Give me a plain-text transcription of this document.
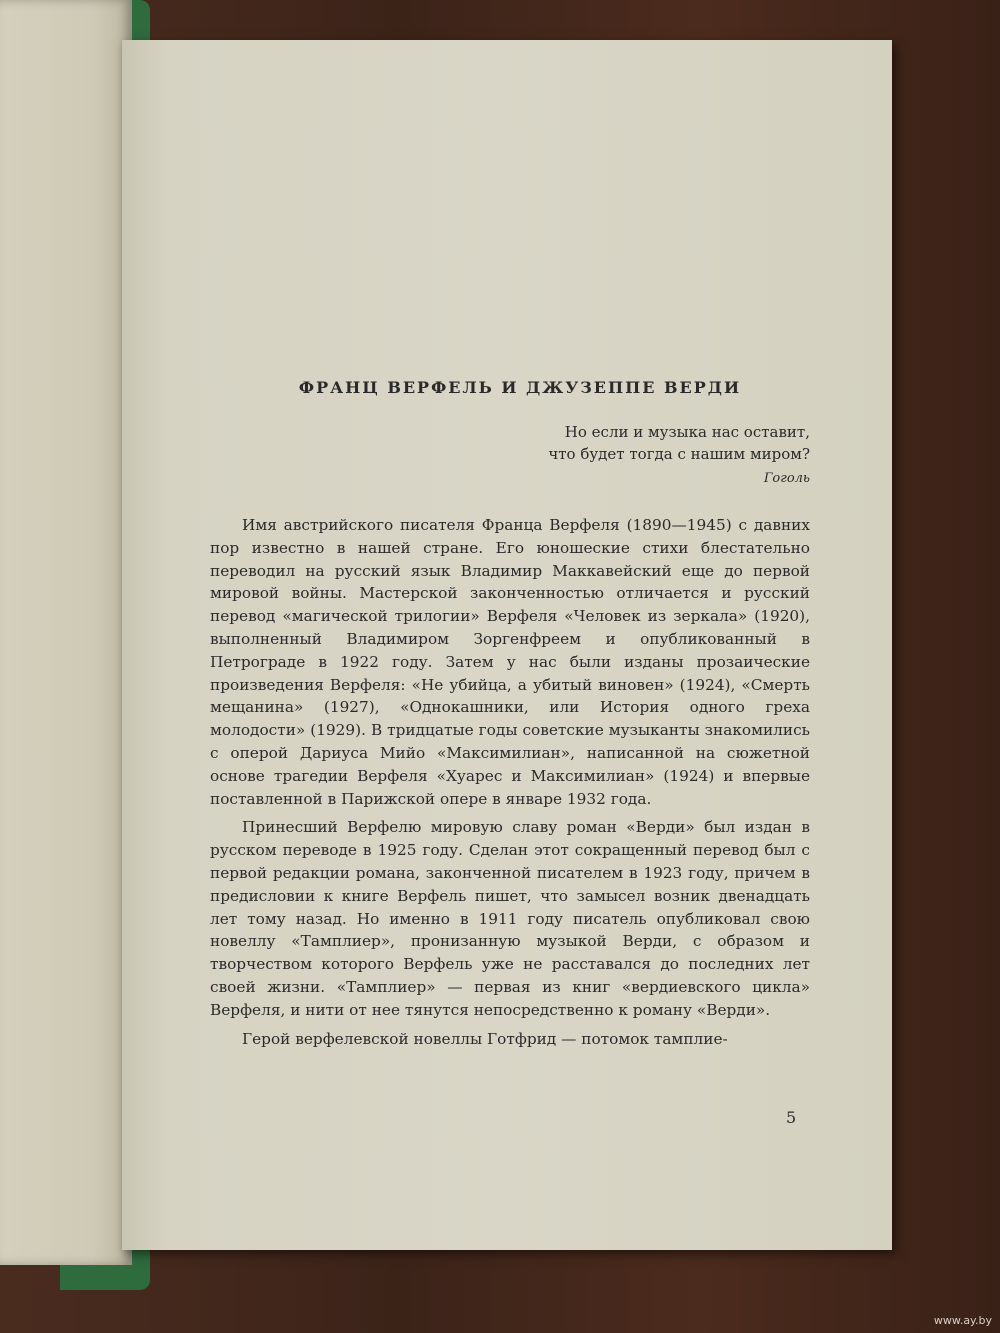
ФРАНЦ ВЕРФЕЛЬ И ДЖУЗЕППЕ ВЕРДИ
Но если и музыка нас оставит,
что будет тогда с нашим миром?
Гоголь

Имя австрийского писателя Франца Верфеля (1890—1945) с давних пор известно в нашей стране. Его юношеские стихи блестательно переводил на русский язык Владимир Маккавейский еще до первой мировой войны. Мастерской законченностью отличается и русский перевод «магической трилогии» Верфеля «Человек из зеркала» (1920), выполненный Владимиром Зоргенфреем и опубликованный в Петрограде в 1922 году. Затем у нас были изданы прозаические произведения Верфеля: «Не убийца, а убитый виновен» (1924), «Смерть мещанина» (1927), «Однокашники, или История одного греха молодости» (1929). В тридцатые годы советские музыканты знакомились с оперой Дариуса Мийо «Максимилиан», написанной на сюжетной основе трагедии Верфеля «Хуарес и Максимилиан» (1924) и впервые поставленной в Парижской опере в январе 1932 года.

Принесший Верфелю мировую славу роман «Верди» был издан в русском переводе в 1925 году. Сделан этот сокращенный перевод был с первой редакции романа, законченной писателем в 1923 году, причем в предисловии к книге Верфель пишет, что замысел возник двенадцать лет тому назад. Но именно в 1911 году писатель опубликовал свою новеллу «Тамплиер», пронизанную музыкой Верди, с образом и творчеством которого Верфель уже не расставался до последних лет своей жизни. «Тамплиер» — первая из книг «вердиевского цикла» Верфеля, и нити от нее тянутся непосредственно к роману «Верди».

Герой верфелевской новеллы Готфрид — потомок тамплие-

5
www.ay.by
